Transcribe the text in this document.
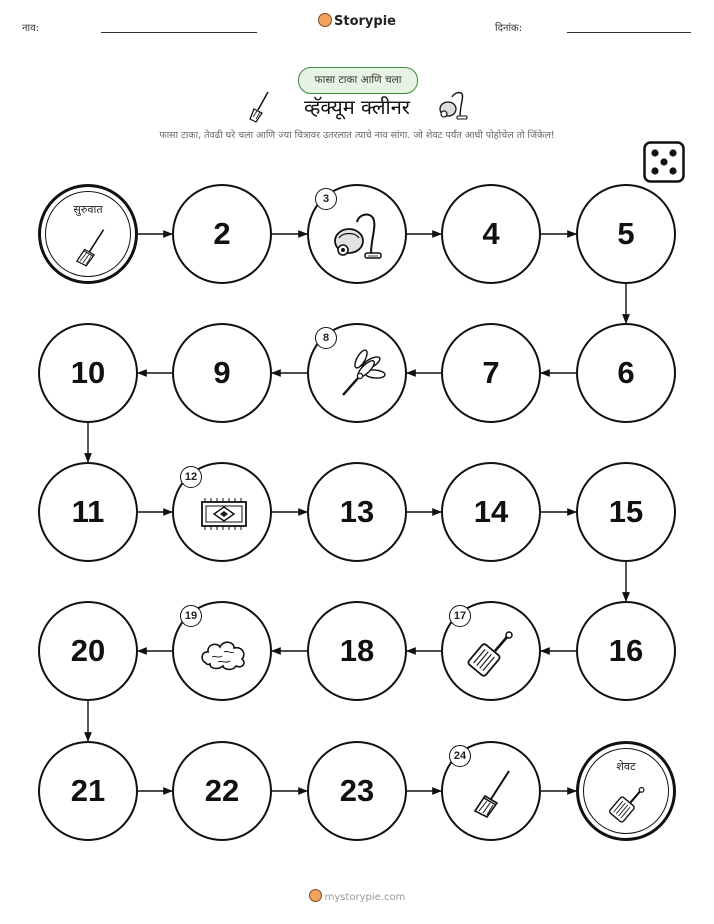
नाव:	Storypie	दिनांक:
फासा टाका आणि चला
व्हॅक्यूम क्लीनर
फासा टाका, तेवढी घरे चला आणि ज्या चित्रावर उतरलात त्याचे नाव सांगा. जो शेवट पर्यंत आधी पोहोचेल तो जिंकेल!
सुरुवात
2
3
4	5
6
7
8
9
10
11
12
13	14	15
16
17
18
19
20
21	22	23
24
शेवट
mystorypie.com
